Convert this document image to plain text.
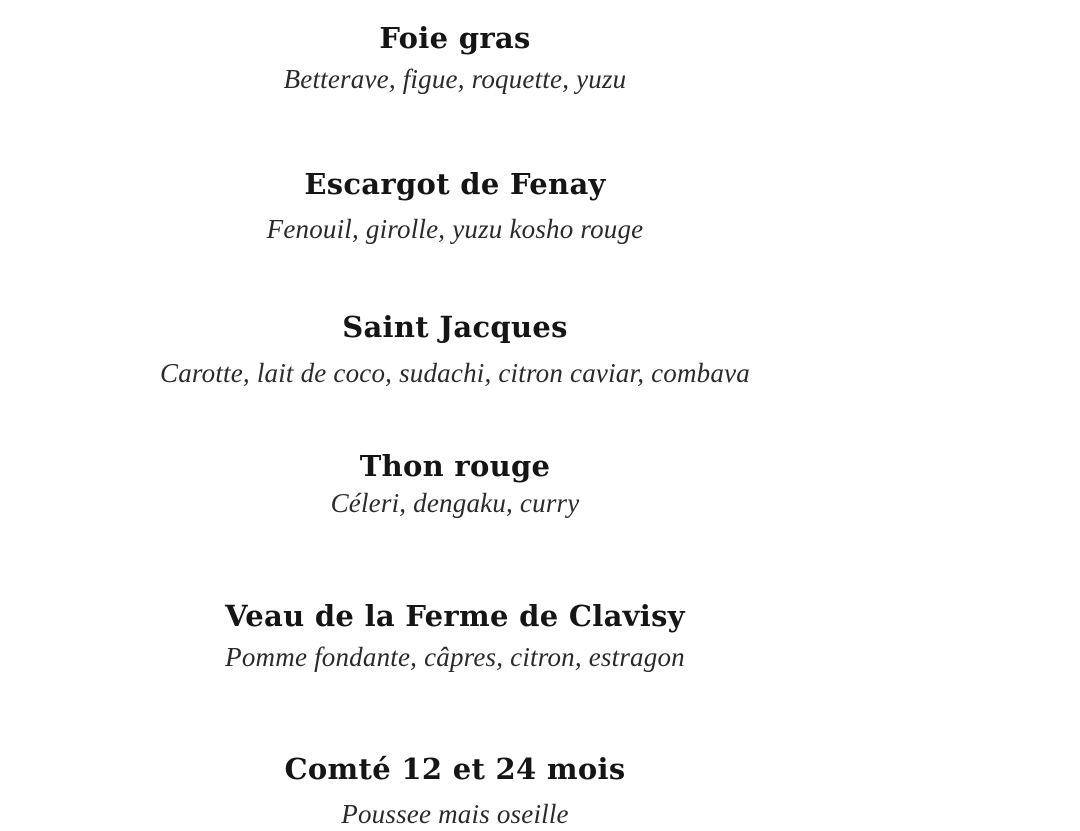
Foie gras
Betterave, figue, roquette, yuzu
Escargot de Fenay
Fenouil, girolle, yuzu kosho rouge
Saint Jacques
Carotte, lait de coco, sudachi, citron caviar, combava
Thon rouge
Céleri, dengaku, curry
Veau de la Ferme de Clavisy
Pomme fondante, câpres, citron, estragon
Comté 12 et 24 mois
Poussee mais oseille
